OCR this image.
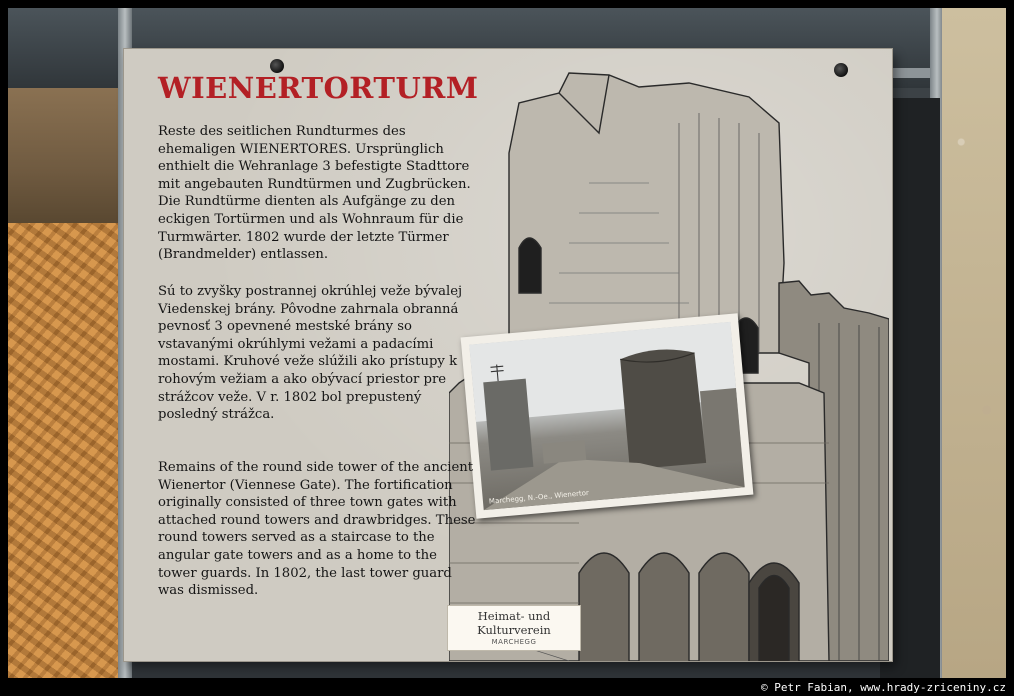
Marchegg, N.-Oe., Wienertor
WIENERTORTURM

Reste des seitlichen Rundturmes des ehemaligen WIENERTORES. Ursprünglich enthielt die Wehranlage 3 befestigte Stadttore mit angebauten Rundtürmen und Zugbrücken. Die Rundtürme dienten als Aufgänge zu den eckigen Tortürmen und als Wohnraum für die Turmwärter. 1802 wurde der letzte Türmer (Brandmelder) entlassen.

Sú to zvyšky postrannej okrúhlej veže bývalej Viedenskej brány. Pôvodne zahrnala obranná pevnosť 3 opevnené mestské brány so vstavanými okrúhlymi vežami a padacími mostami. Kruhové veže slúžili ako prístupy k rohovým vežiam a ako obývací priestor pre strážcov veže. V r. 1802 bol prepustený posledný strážca.

Remains of the round side tower of the ancient Wienertor (Viennese Gate). The fortification originally consisted of three town gates with attached round towers and drawbridges. These round towers served as a staircase to the angular gate towers and as a home to the tower guards. In 1802, the last tower guard was dismissed.

Heimat- und
Kulturverein
MARCHEGG

© Petr Fabian, www.hrady-zriceniny.cz
